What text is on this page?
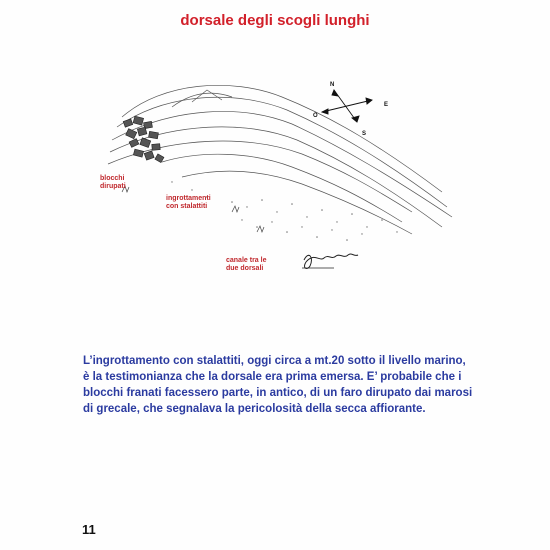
dorsale degli scogli lunghi
N
E
S
O
blocchi
dirupati
ingrottamenti
con stalattiti
canale tra le
due dorsali
L’ingrottamento con stalattiti, oggi circa a mt.20 sotto il livello marino,
è la testimonianza che la dorsale era prima emersa. E’ probabile che i
blocchi franati facessero parte, in antico, di un faro dirupato dai marosi
di grecale, che segnalava la pericolosità della secca affiorante.
11
